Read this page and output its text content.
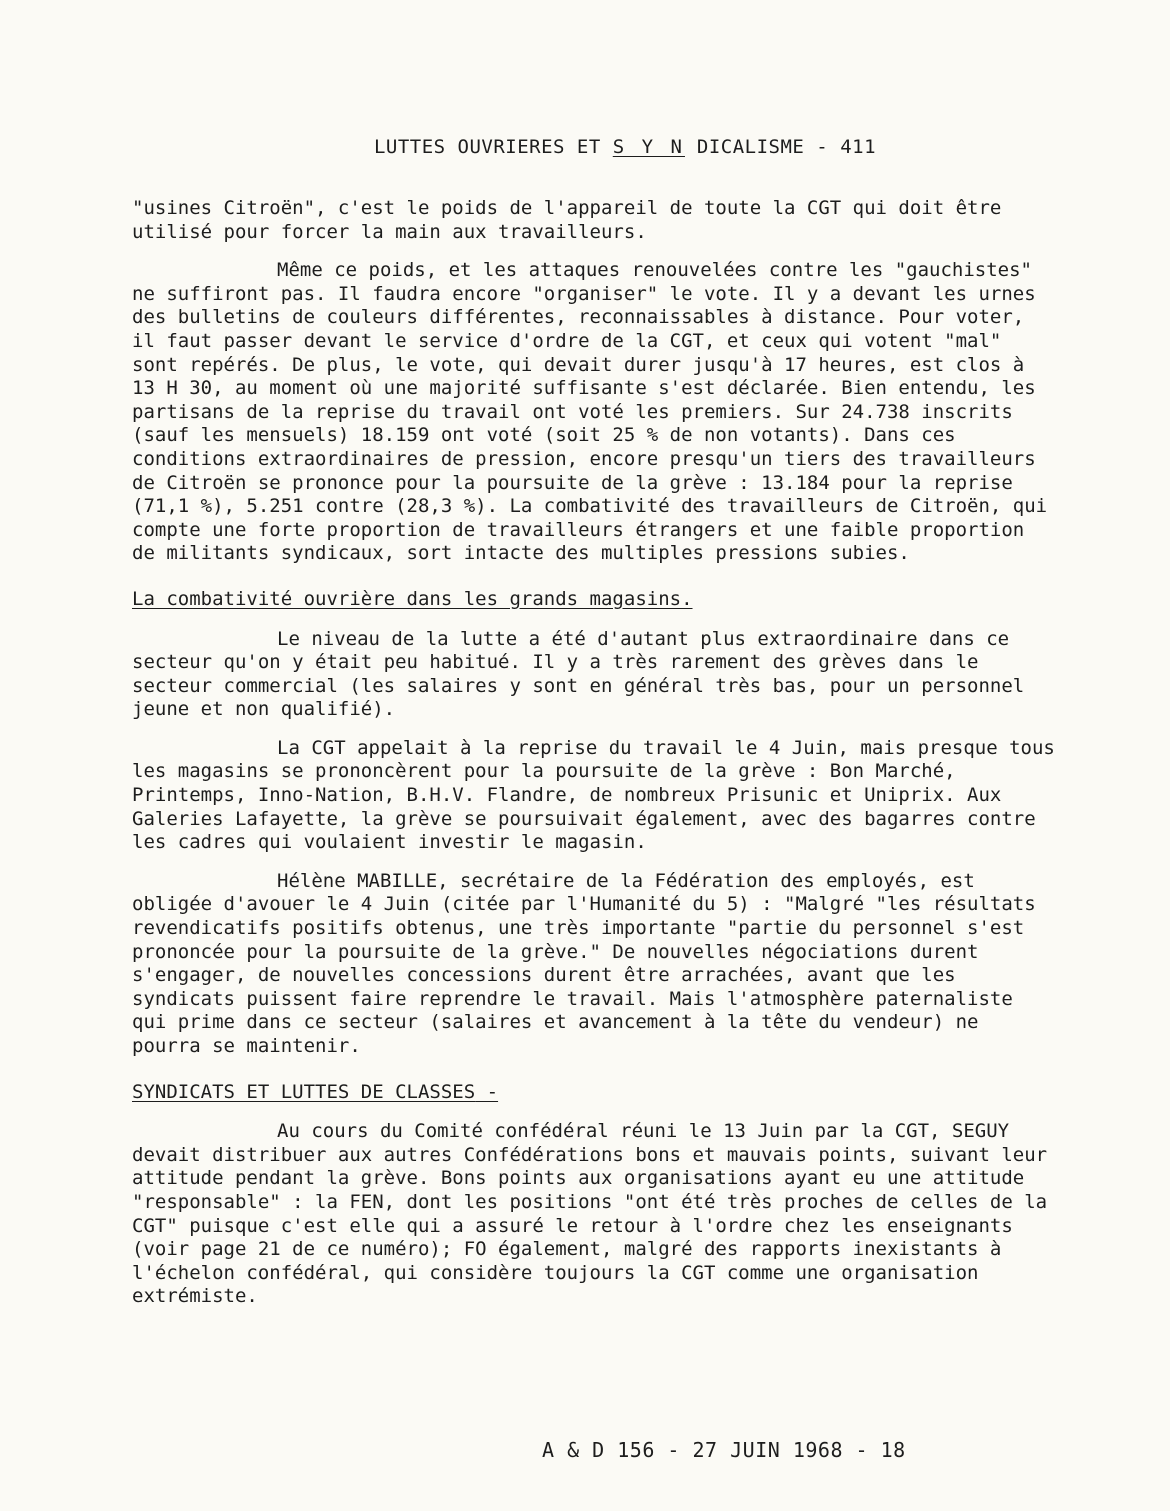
LUTTES OUVRIERES ET S Y N DICALISME - 411

"usines Citroën", c'est le poids de l'appareil de toute la CGT qui doit être utilisé pour forcer la main aux travailleurs.

Même ce poids, et les attaques renouvelées contre les "gauchistes" ne suffiront pas. Il faudra encore "organiser" le vote. Il y a devant les urnes des bulletins de couleurs différentes, reconnaissables à distance. Pour voter, il faut passer devant le service d'ordre de la CGT, et ceux qui votent "mal" sont repérés. De plus, le vote, qui devait durer jusqu'à 17 heures, est clos à 13 H 30, au moment où une majorité suffisante s'est déclarée. Bien entendu, les partisans de la reprise du travail ont voté les premiers. Sur 24.738 inscrits (sauf les mensuels) 18.159 ont voté (soit 25 % de non votants). Dans ces conditions extraordinaires de pression, encore presqu'un tiers des travailleurs de Citroën se prononce pour la poursuite de la grève : 13.184 pour la reprise (71,1 %), 5.251 contre (28,3 %). La combativité des travailleurs de Citroën, qui compte une forte proportion de travailleurs étrangers et une faible proportion de militants syndicaux, sort intacte des multiples pressions subies.

La combativité ouvrière dans les grands magasins.

Le niveau de la lutte a été d'autant plus extraordinaire dans ce secteur qu'on y était peu habitué. Il y a très rarement des grèves dans le secteur commercial (les salaires y sont en général très bas, pour un personnel jeune et non qualifié).

La CGT appelait à la reprise du travail le 4 Juin, mais presque tous les magasins se prononcèrent pour la poursuite de la grève : Bon Marché, Printemps, Inno-Nation, B.H.V. Flandre, de nombreux Prisunic et Uniprix. Aux Galeries Lafayette, la grève se poursuivait également, avec des bagarres contre les cadres qui voulaient investir le magasin.

Hélène MABILLE, secrétaire de la Fédération des employés, est obligée d'avouer le 4 Juin (citée par l'Humanité du 5) : "Malgré "les résultats revendicatifs positifs obtenus, une très importante "partie du personnel s'est prononcée pour la poursuite de la grève." De nouvelles négociations durent s'engager, de nouvelles concessions durent être arrachées, avant que les syndicats puissent faire reprendre le travail. Mais l'atmosphère paternaliste qui prime dans ce secteur (salaires et avancement à la tête du vendeur) ne pourra se maintenir.

SYNDICATS ET LUTTES DE CLASSES -

Au cours du Comité confédéral réuni le 13 Juin par la CGT, SEGUY devait distribuer aux autres Confédérations bons et mauvais points, suivant leur attitude pendant la grève. Bons points aux organisations ayant eu une attitude "responsable" : la FEN, dont les positions "ont été très proches de celles de la CGT" puisque c'est elle qui a assuré le retour à l'ordre chez les enseignants (voir page 21 de ce numéro); FO également, malgré des rapports inexistants à l'échelon confédéral, qui considère toujours la CGT comme une organisation extrémiste.

A & D 156 - 27 JUIN 1968 - 18
